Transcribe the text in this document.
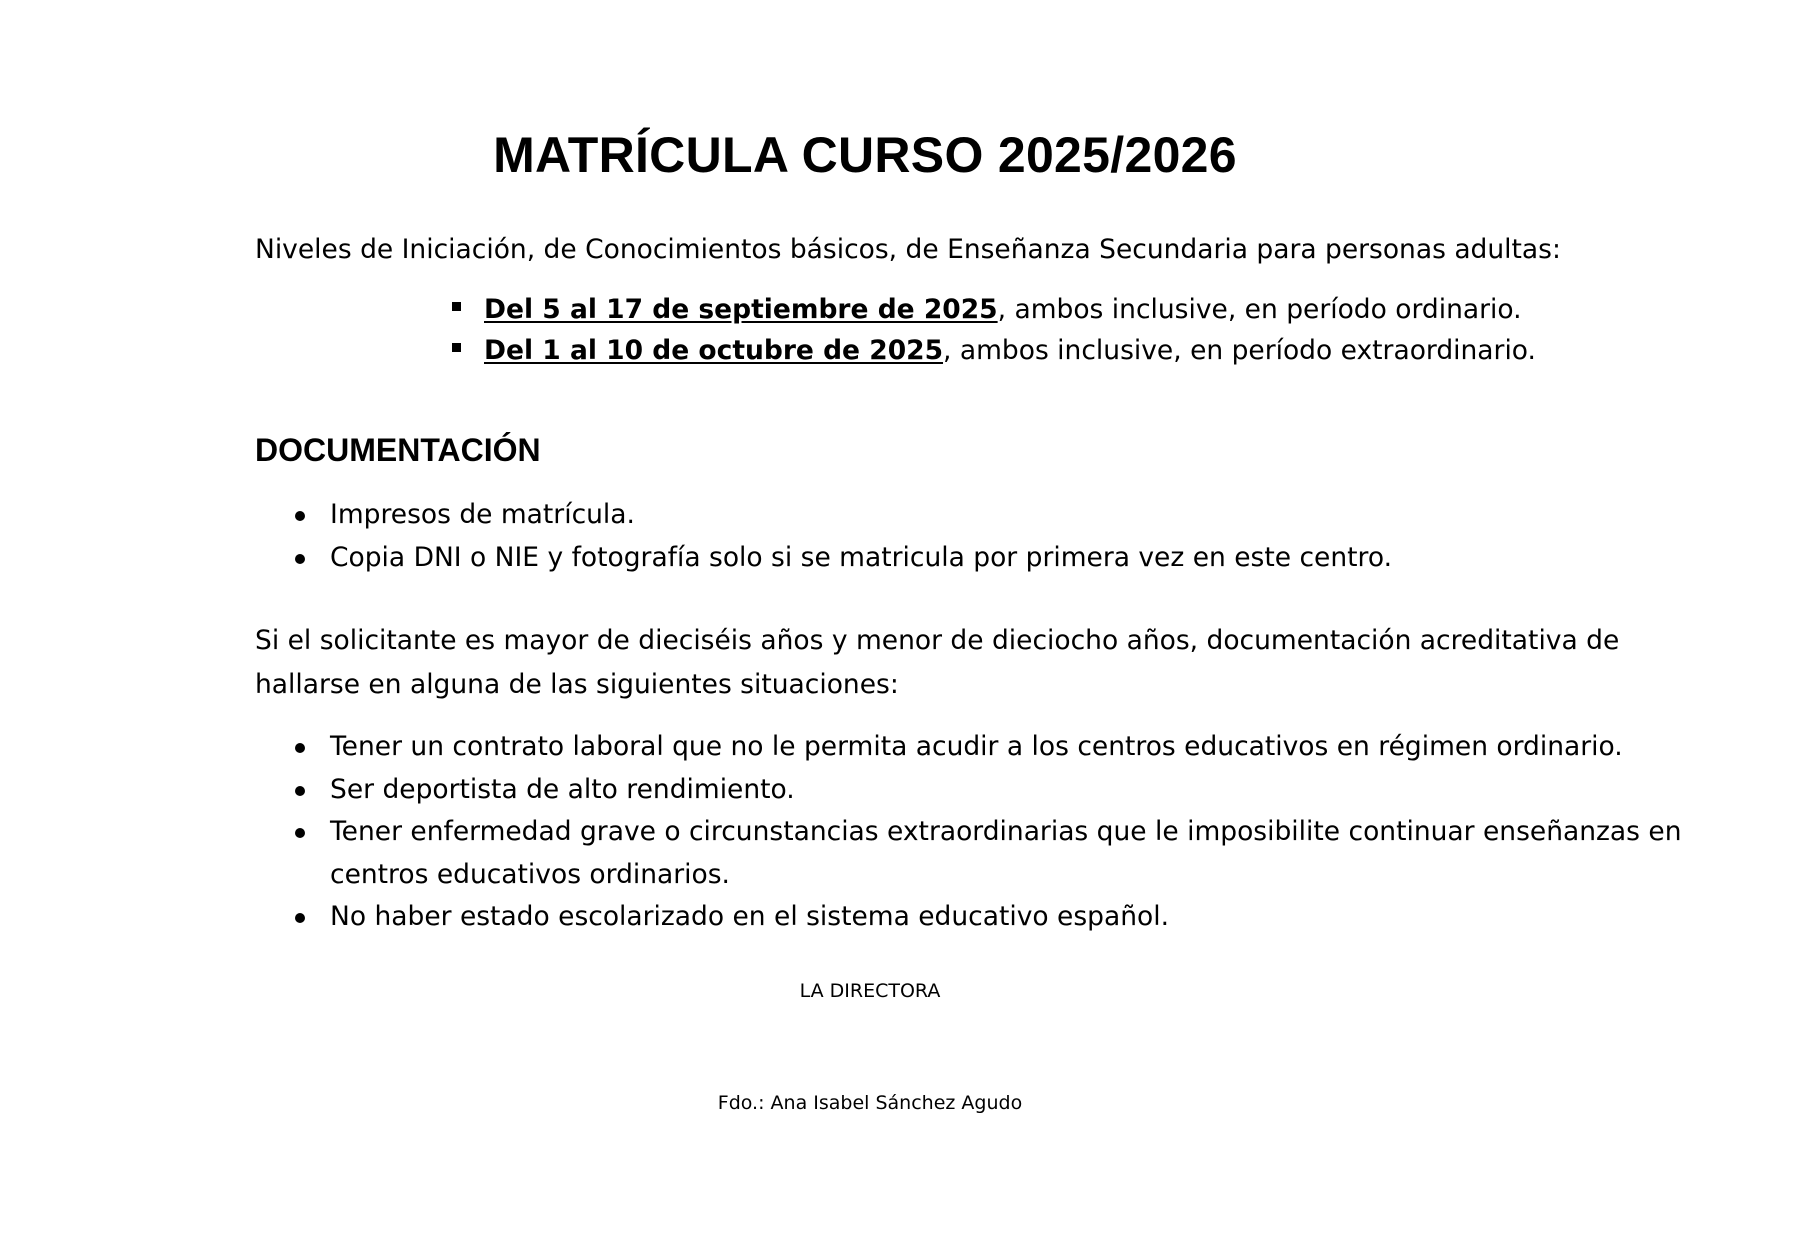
MATRÍCULA CURSO 2025/2026

Niveles de Iniciación, de Conocimientos básicos, de Enseñanza Secundaria para personas adultas:

Del 5 al 17 de septiembre de 2025, ambos inclusive, en período ordinario.
Del 1 al 10 de octubre de 2025, ambos inclusive, en período extraordinario.
DOCUMENTACIÓN
Impresos de matrícula.
Copia DNI o NIE y fotografía solo si se matricula por primera vez en este centro.

Si el solicitante es mayor de dieciséis años y menor de dieciocho años, documentación acreditativa de hallarse en alguna de las siguientes situaciones:

Tener un contrato laboral que no le permita acudir a los centros educativos en régimen ordinario.
Ser deportista de alto rendimiento.
Tener enfermedad grave o circunstancias extraordinarias que le imposibilite continuar enseñanzas en centros educativos ordinarios.
No haber estado escolarizado en el sistema educativo español.

LA DIRECTORA

Fdo.: Ana Isabel Sánchez Agudo
